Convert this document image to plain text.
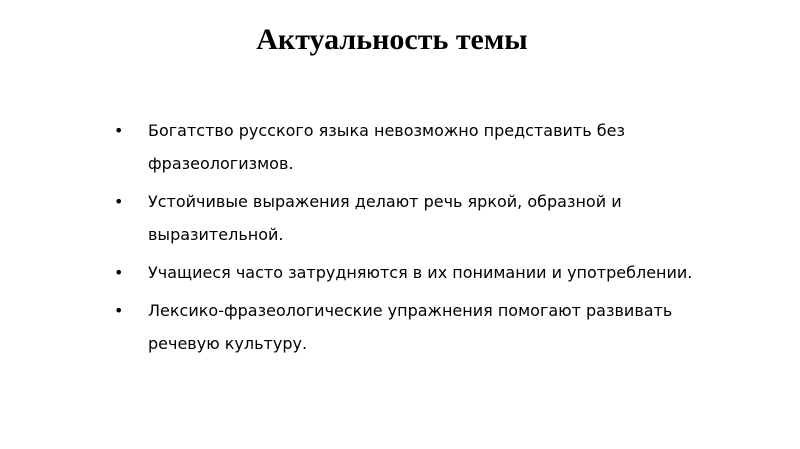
Актуальность темы
• Богатство русского языка невозможно представить без фразеологизмов.
• Устойчивые выражения делают речь яркой, образной и выразительной.
• Учащиеся часто затрудняются в их понимании и употреблении.
• Лексико-фразеологические упражнения помогают развивать речевую культуру.
